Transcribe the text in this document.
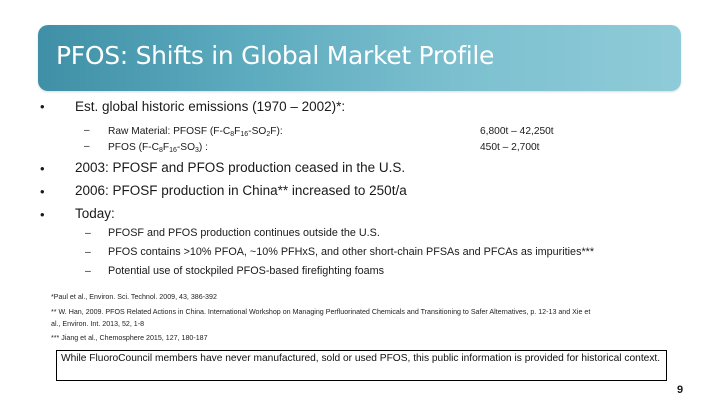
PFOS: Shifts in Global Market Profile
• Est. global historic emissions (1970 – 2002)*:
– Raw Material: PFOSF $(F-C_8F_{16}-SO_2F)$:	6,800t – 42,250t
– PFOS $(F-C_8F_{16}-SO_3)$ :	450t – 2,700t
• 2003: PFOSF and PFOS production ceased in the U.S.
• 2006: PFOSF production in China** increased to 250t/a
• Today:
– PFOSF and PFOS production continues outside the U.S.
– PFOS contains >10% PFOA, ~10% PFHxS, and other short-chain PFSAs and PFCAs as impurities***
– Potential use of stockpiled PFOS-based firefighting foams
*Paul et al., Environ. Sci. Technol. 2009, 43, 386-392
** W. Han, 2009. PFOS Related Actions in China. International Workshop on Managing Perfluorinated Chemicals and Transitioning to Safer Alternatives, p. 12-13 and Xie et
al., Environ. Int. 2013, 52, 1-8
*** Jiang et al., Chemosphere 2015, 127, 180-187
While FluoroCouncil members have never manufactured, sold or used PFOS, this public information is provided for historical context.
9
